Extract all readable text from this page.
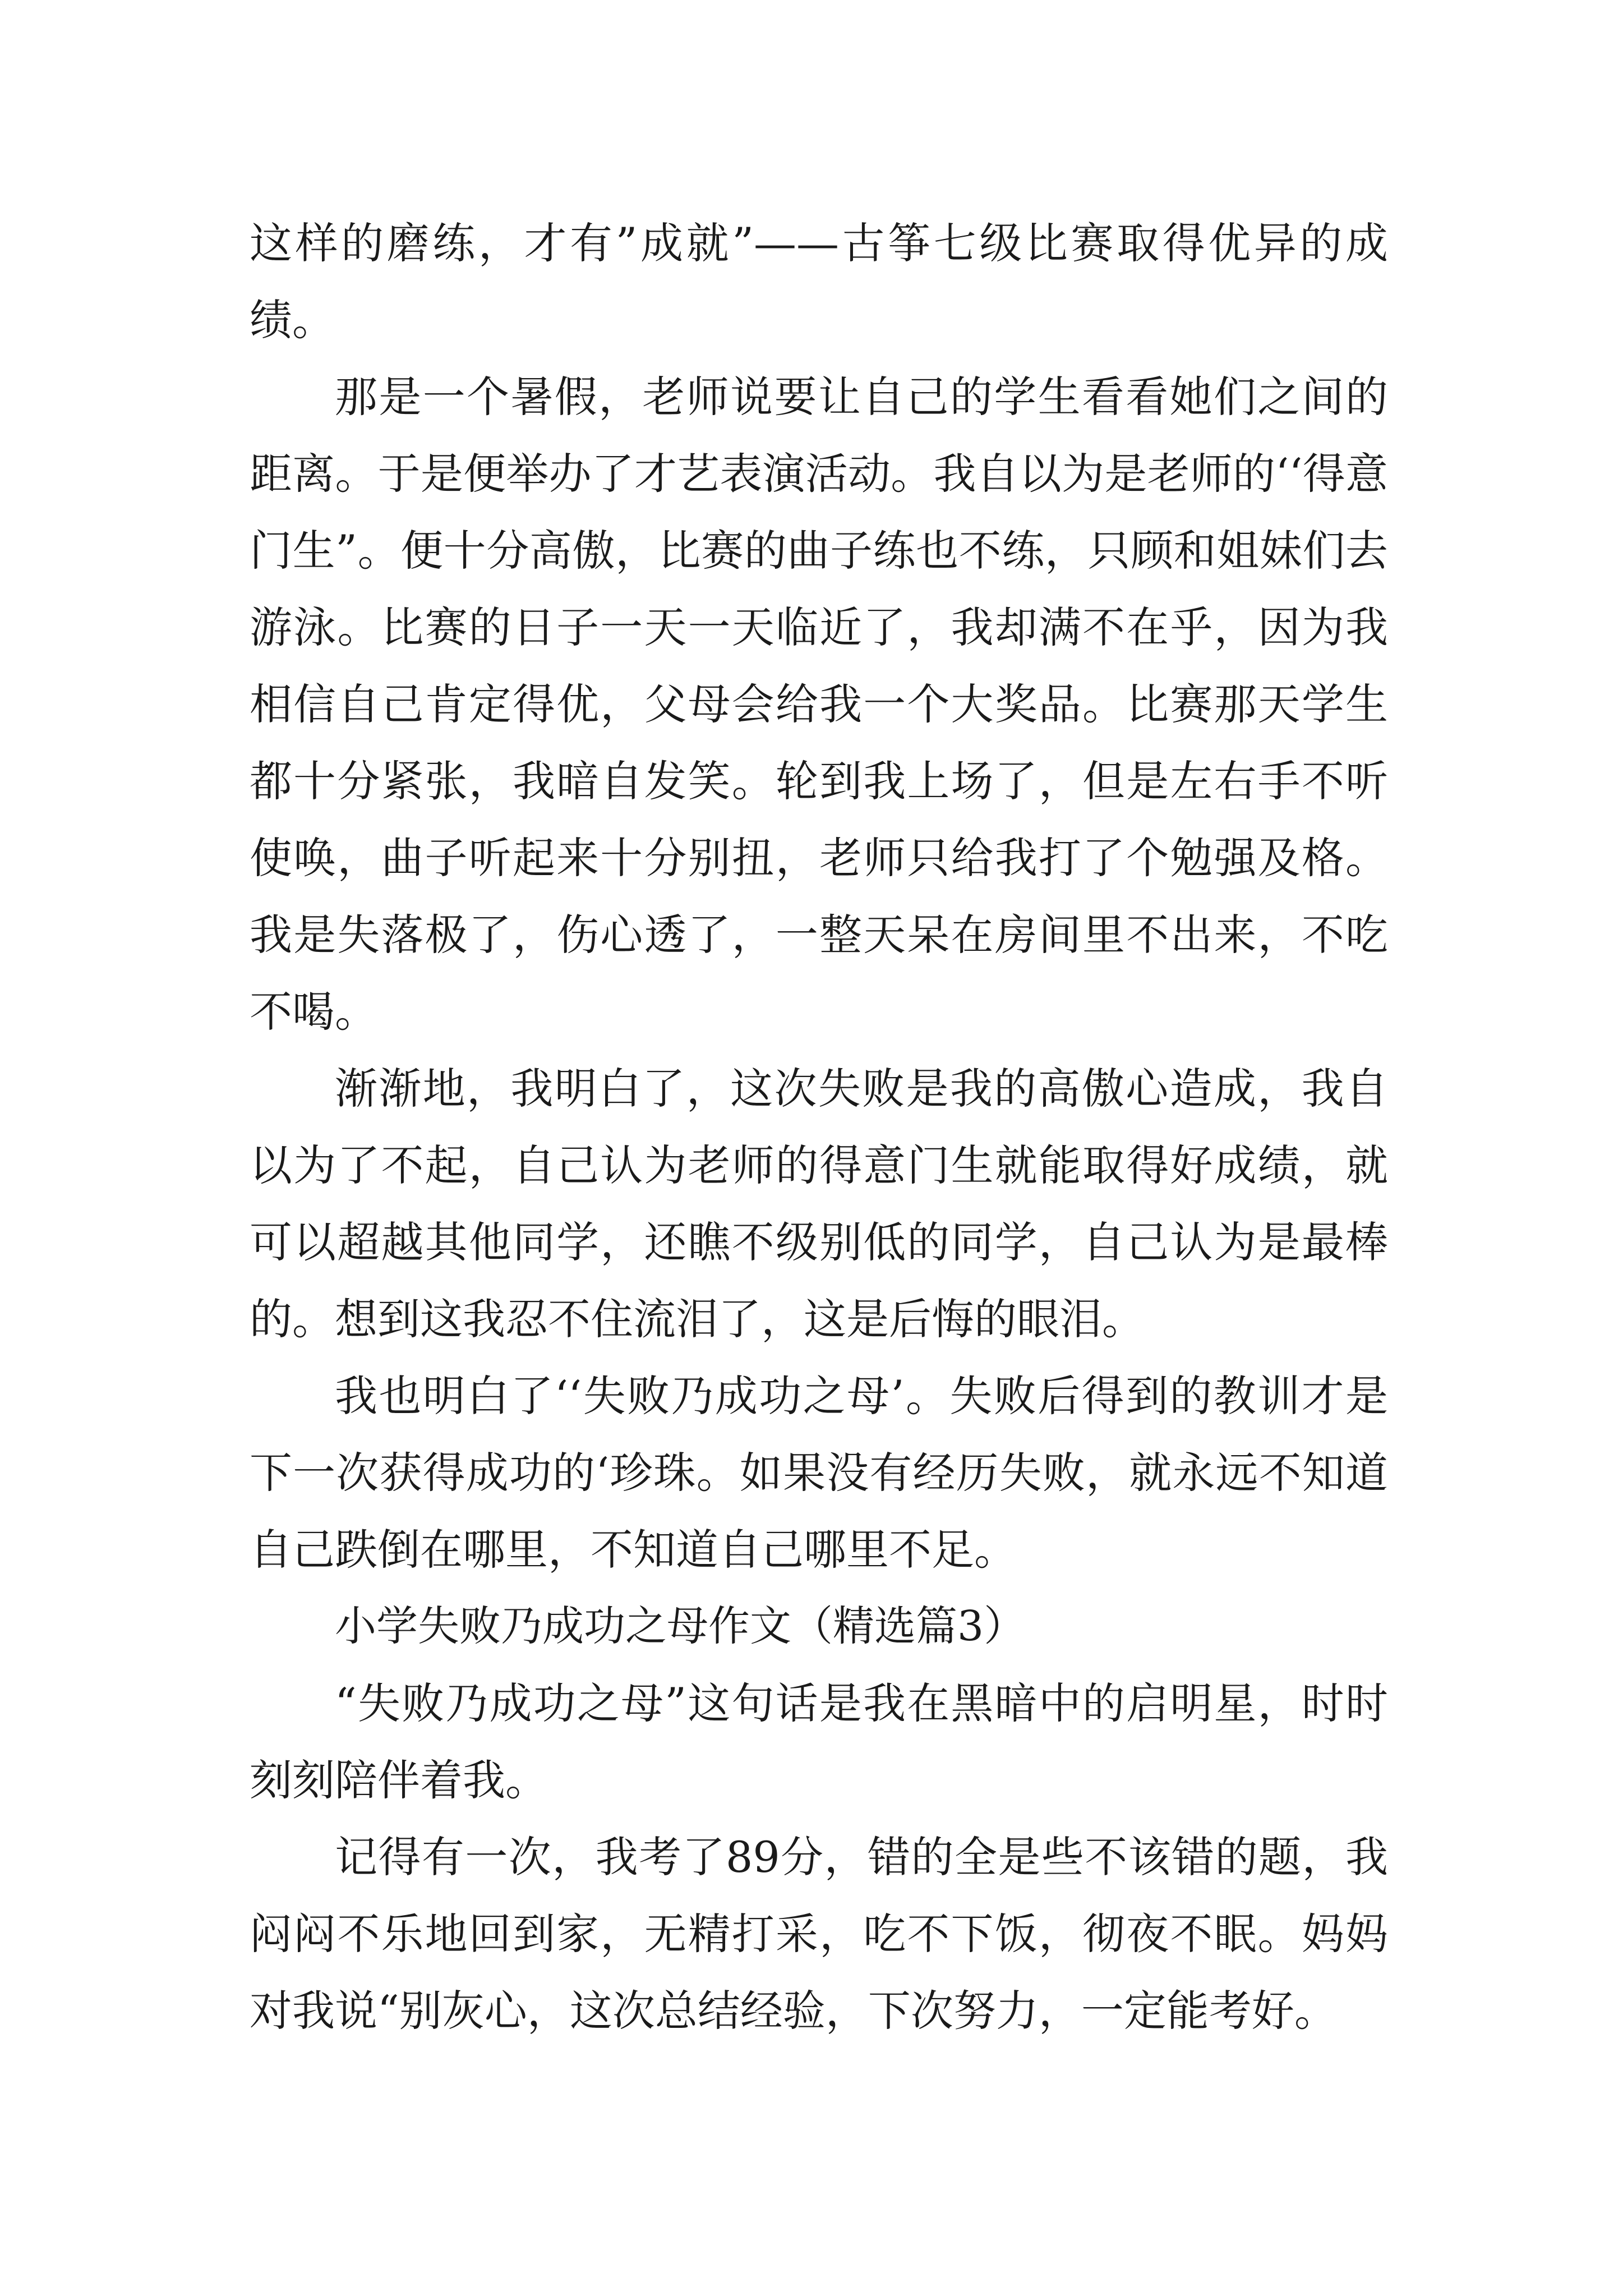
这样的磨练，才有”成就”——古筝七级比赛取得优异的成绩。

那是一个暑假，老师说要让自己的学生看看她们之间的距离。于是便举办了才艺表演活动。我自以为是老师的‘‘得意门生”。便十分高傲，比赛的曲子练也不练，只顾和姐妹们去游泳。比赛的日子一天一天临近了，我却满不在乎，因为我相信自己肯定得优，父母会给我一个大奖品。比赛那天学生都十分紧张，我暗自发笑。轮到我上场了，但是左右手不听使唤，曲子听起来十分别扭，老师只给我打了个勉强及格。我是失落极了，伤心透了，一整天呆在房间里不出来，不吃不喝。

渐渐地，我明白了，这次失败是我的高傲心造成，我自以为了不起，自己认为老师的得意门生就能取得好成绩，就可以超越其他同学，还瞧不级别低的同学，自己认为是最棒的。想到这我忍不住流泪了，这是后悔的眼泪。

我也明白了‘‘失败乃成功之母’。失败后得到的教训才是下一次获得成功的‘珍珠。如果没有经历失败，就永远不知道自己跌倒在哪里，不知道自己哪里不足。

小学失败乃成功之母作文（精选篇3）

“失败乃成功之母”这句话是我在黑暗中的启明星，时时刻刻陪伴着我。

记得有一次，我考了89分，错的全是些不该错的题，我闷闷不乐地回到家，无精打采，吃不下饭，彻夜不眠。妈妈对我说“别灰心，这次总结经验，下次努力，一定能考好。
